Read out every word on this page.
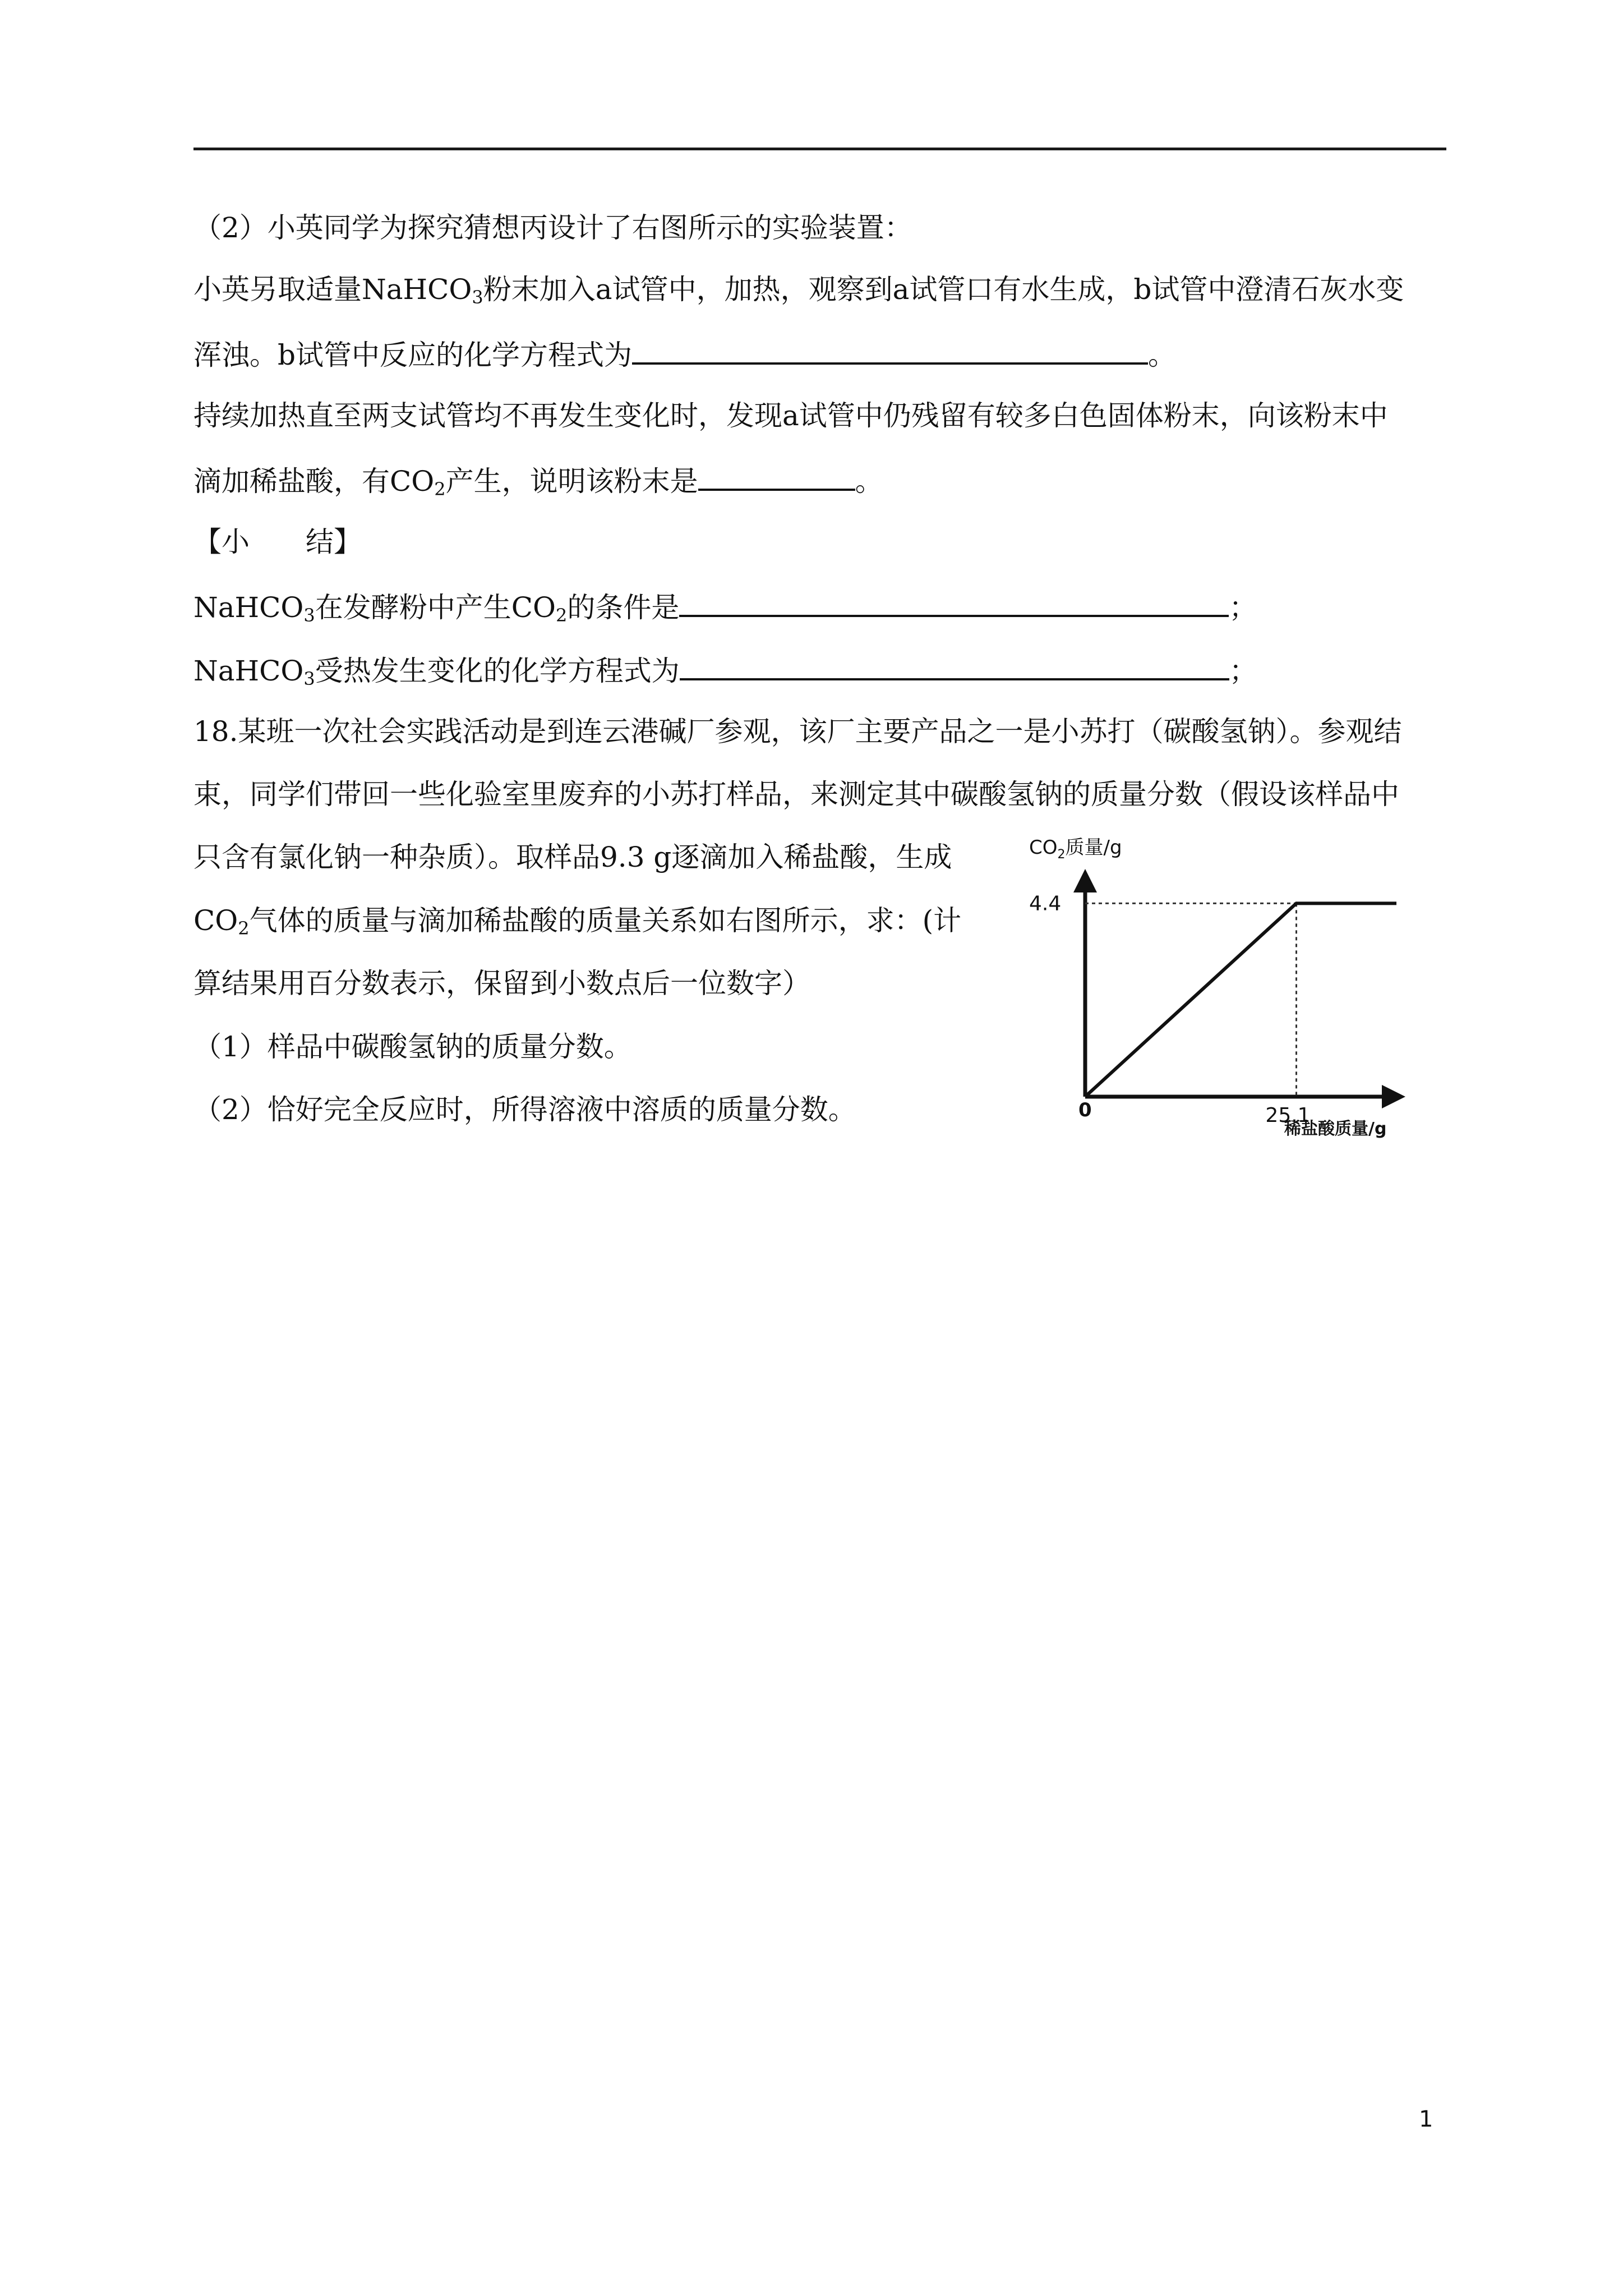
（2）小英同学为探究猜想丙设计了右图所示的实验装置：
小英另取适量NaHCO$_3$粉末加入a试管中，加热，观察到a试管口有水生成，b试管中澄清石灰水变
浑浊。b试管中反应的化学方程式为	。
持续加热直至两支试管均不再发生变化时，发现a试管中仍残留有较多白色固体粉末，向该粉末中
滴加稀盐酸，有$CO_2$产生，说明该粉末是	。
【小　　结】
NaHCO$_3$在发酵粉中产生$CO_2$的条件是	；
NaHCO$_3$受热发生变化的化学方程式为	；
18.某班一次社会实践活动是到连云港碱厂参观，该厂主要产品之一是小苏打（碳酸氢钠）。参观结
束，同学们带回一些化验室里废弃的小苏打样品，来测定其中碳酸氢钠的质量分数（假设该样品中
只含有氯化钠一种杂质）。取样品9.3 g逐滴加入稀盐酸，生成
$CO_2$气体的质量与滴加稀盐酸的质量关系如右图所示，求：(计
算结果用百分数表示，保留到小数点后一位数字）
（1）样品中碳酸氢钠的质量分数。
（2）恰好完全反应时，所得溶液中溶质的质量分数。
$CO_2$质量/g
4.4
25.1
0
稀盐酸质量/g
1
